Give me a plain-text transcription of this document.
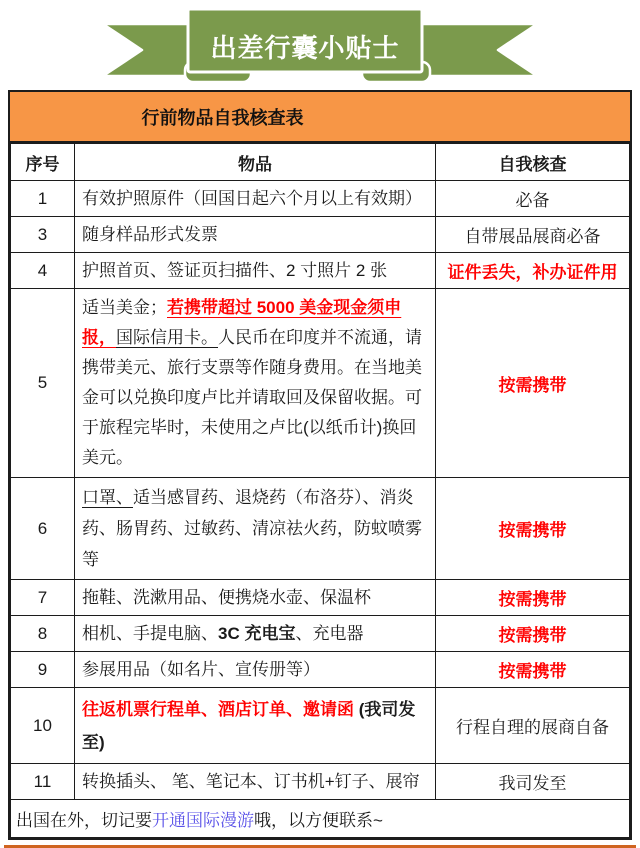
出差行囊小贴士
行前物品自我核查表
序号	物品	自我核查
1	有效护照原件（回国日起六个月以上有效期）	必备
3	随身样品形式发票	自带展品展商必备
4	护照首页、签证页扫描件、2 寸照片 2 张	证件丢失，补办证件用
5	适当美金；若携带超过 5000 美金现金须申报，国际信用卡。人民币在印度并不流通，请携带美元、旅行支票等作随身费用。在当地美金可以兑换印度卢比并请取回及保留收据。可于旅程完毕时，未使用之卢比(以纸币计)换回美元。	按需携带
6	口罩、适当感冒药、退烧药（布洛芬）、消炎药、肠胃药、过敏药、清凉祛火药，防蚊喷雾等	按需携带
7	拖鞋、洗漱用品、便携烧水壶、保温杯	按需携带
8	相机、手提电脑、3C 充电宝、充电器	按需携带
9	参展用品（如名片、宣传册等）	按需携带
10	往返机票行程单、酒店订单、邀请函 (我司发至)	行程自理的展商自备
11	转换插头、 笔、笔记本、订书机+钉子、展帘	我司发至
出国在外，切记要开通国际漫游哦，以方便联系~		
